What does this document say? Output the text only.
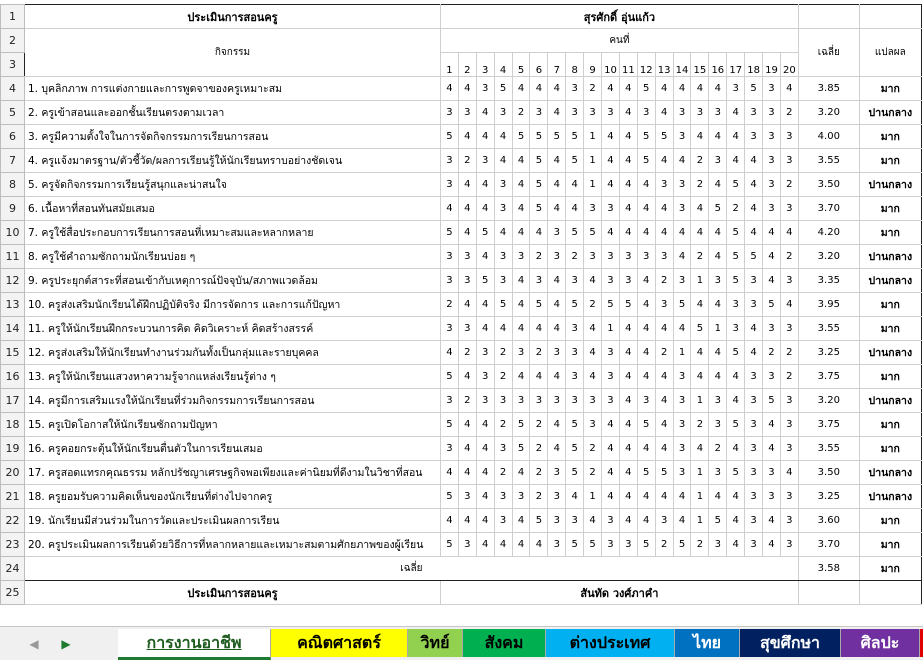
1	ประเมินการสอนครู	สุรศักดิ์ อุ่นแก้ว																					
2	กิจกรรม	คนที่																				เฉลี่ย	แปลผล
3		1	2	3	4	5	6	7	8	9	10	11	12	13	14	15	16	17	18	19	20		
4	1. บุคลิกภาพ การแต่งกายและการพูดจาของครูเหมาะสม	4	4	3	5	4	4	4	3	2	4	4	5	4	4	4	4	3	5	3	4	3.85	มาก
5	2. ครูเข้าสอนและออกชั้นเรียนตรงตามเวลา	3	3	4	3	2	3	4	3	3	3	4	3	4	3	3	3	4	3	3	2	3.20	ปานกลาง
6	3. ครูมีความตั้งใจในการจัดกิจกรรมการเรียนการสอน	5	4	4	4	5	5	5	5	1	4	4	5	5	3	4	4	4	3	3	3	4.00	มาก
7	4. ครูแจ้งมาตรฐาน/ตัวชี้วัด/ผลการเรียนรู้ให้นักเรียนทราบอย่างชัดเจน	3	2	3	4	4	5	4	5	1	4	4	5	4	4	2	3	4	4	3	3	3.55	มาก
8	5. ครูจัดกิจกรรมการเรียนรู้สนุกและน่าสนใจ	3	4	4	3	4	5	4	4	1	4	4	4	3	3	2	4	5	4	3	2	3.50	ปานกลาง
9	6. เนื้อหาที่สอนทันสมัยเสมอ	4	4	4	3	4	5	4	4	3	3	4	4	4	3	4	5	2	4	3	3	3.70	มาก
10	7. ครูใช้สื่อประกอบการเรียนการสอนที่เหมาะสมและหลากหลาย	5	4	5	4	4	4	3	5	5	4	4	4	4	4	4	4	5	4	4	4	4.20	มาก
11	8. ครูใช้คำถามซักถามนักเรียนบ่อย ๆ	3	3	4	3	3	2	3	2	3	3	3	3	3	4	2	4	5	5	4	2	3.20	ปานกลาง
12	9. ครูประยุกต์สาระที่สอนเข้ากับเหตุการณ์ปัจจุบัน/สภาพแวดล้อม	3	3	5	3	4	3	4	3	4	3	3	4	2	3	1	3	5	3	4	3	3.35	ปานกลาง
13	10. ครูส่งเสริมนักเรียนได้ฝึกปฏิบัติจริง มีการจัดการ และการแก้ปัญหา	2	4	4	5	4	5	4	5	2	5	5	4	3	5	4	4	3	3	5	4	3.95	มาก
14	11. ครูให้นักเรียนฝึกกระบวนการคิด คิดวิเคราะห์ คิดสร้างสรรค์	3	3	4	4	4	4	4	3	4	1	4	4	4	4	5	1	3	4	3	3	3.55	มาก
15	12. ครูส่งเสริมให้นักเรียนทำงานร่วมกันทั้งเป็นกลุ่มและรายบุคคล	4	2	3	2	3	2	3	3	4	3	4	4	2	1	4	4	5	4	2	2	3.25	ปานกลาง
16	13. ครูให้นักเรียนแสวงหาความรู้จากแหล่งเรียนรู้ต่าง ๆ	5	4	3	2	4	4	4	3	4	3	4	4	4	3	4	4	4	3	3	2	3.75	มาก
17	14. ครูมีการเสริมแรงให้นักเรียนที่ร่วมกิจกรรมการเรียนการสอน	3	2	3	3	3	3	3	3	3	3	4	3	4	3	1	3	4	3	5	3	3.20	ปานกลาง
18	15. ครูเปิดโอกาสให้นักเรียนซักถามปัญหา	5	4	4	2	5	2	4	5	3	4	4	5	4	3	2	3	5	3	4	3	3.75	มาก
19	16. ครูคอยกระตุ้นให้นักเรียนตื่นตัวในการเรียนเสมอ	3	4	4	3	5	2	4	5	2	4	4	4	4	3	4	2	4	3	4	3	3.55	มาก
20	17. ครูสอดแทรกคุณธรรม หลักปรัชญาเศรษฐกิจพอเพียงและค่านิยมที่ดีงามในวิชาที่สอน	4	4	4	2	4	2	3	5	2	4	4	5	5	3	1	3	5	3	3	4	3.50	ปานกลาง
21	18. ครูยอมรับความคิดเห็นของนักเรียนที่ต่างไปจากครู	5	3	4	3	3	2	3	4	1	4	4	4	4	4	1	4	4	3	3	3	3.25	ปานกลาง
22	19. นักเรียนมีส่วนร่วมในการวัดและประเมินผลการเรียน	4	4	4	3	4	5	3	3	4	3	4	4	3	4	1	5	4	3	4	3	3.60	มาก
23	20. ครูประเมินผลการเรียนด้วยวิธีการที่หลากหลายและเหมาะสมตามศักยภาพของผู้เรียน	5	3	4	4	4	4	3	5	5	3	3	5	2	5	2	3	4	3	4	3	3.70	มาก
24	เฉลี่ย																					3.58	มาก
25	ประเมินการสอนครู	สันทัด วงศ์ภาคำ																					
◀ ▶	การงานอาชีพ	คณิตศาสตร์	วิทย์	สังคม	ต่างประเทศ	ไทย	สุขศึกษา	ศิลปะ
